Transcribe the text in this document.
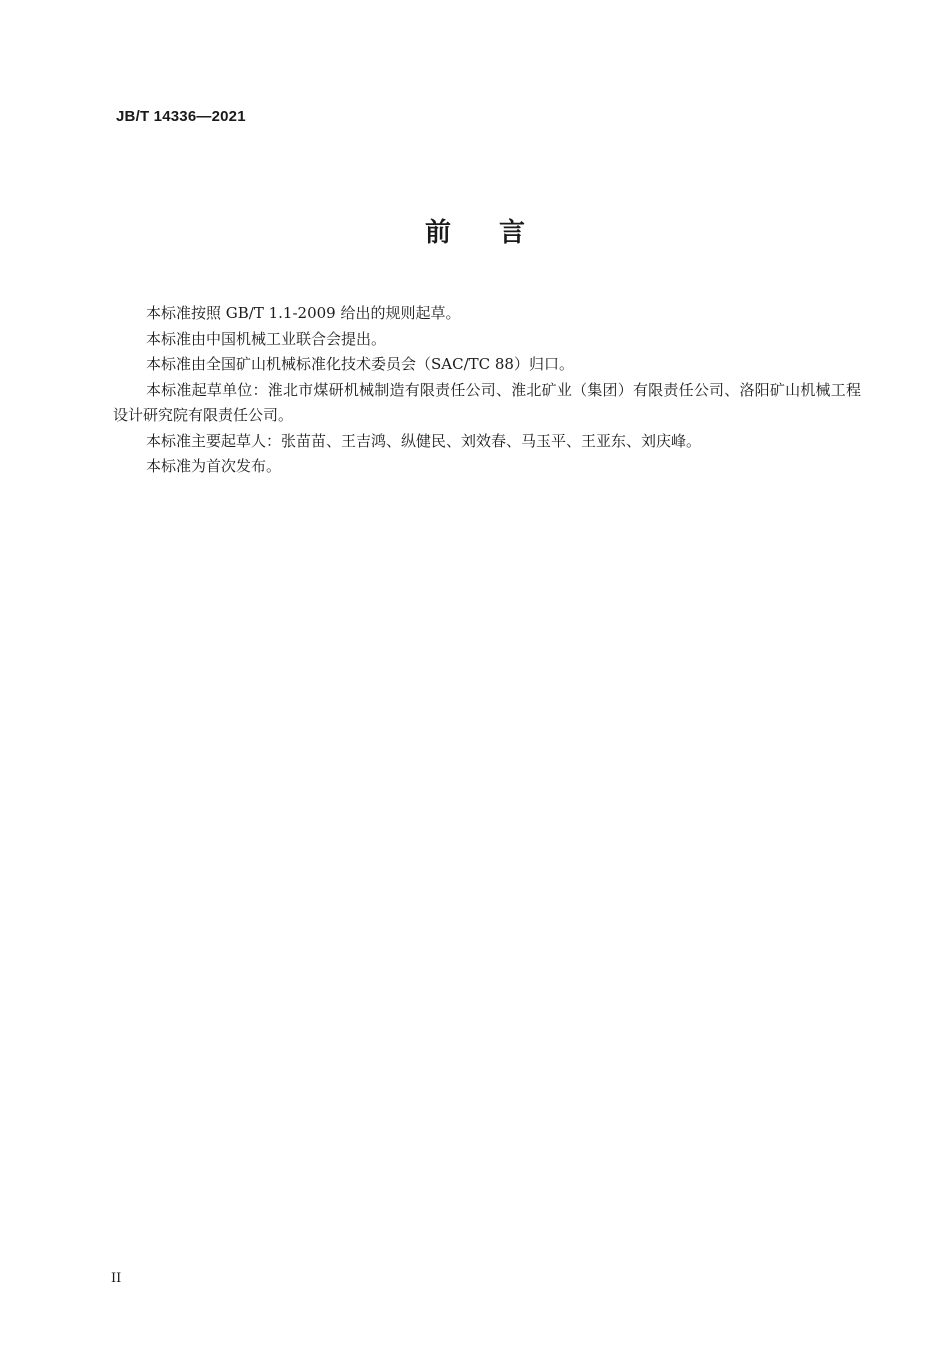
JB/T 14336—2021
前 言

本标准按照 GB/T 1.1-2009 给出的规则起草。

本标准由中国机械工业联合会提出。

本标准由全国矿山机械标准化技术委员会（SAC/TC 88）归口。

本标准起草单位：淮北市煤研机械制造有限责任公司、淮北矿业（集团）有限责任公司、洛阳矿山机械工程设计研究院有限责任公司。

本标准主要起草人：张苗苗、王吉鸿、纵健民、刘效春、马玉平、王亚东、刘庆峰。

本标准为首次发布。

II
